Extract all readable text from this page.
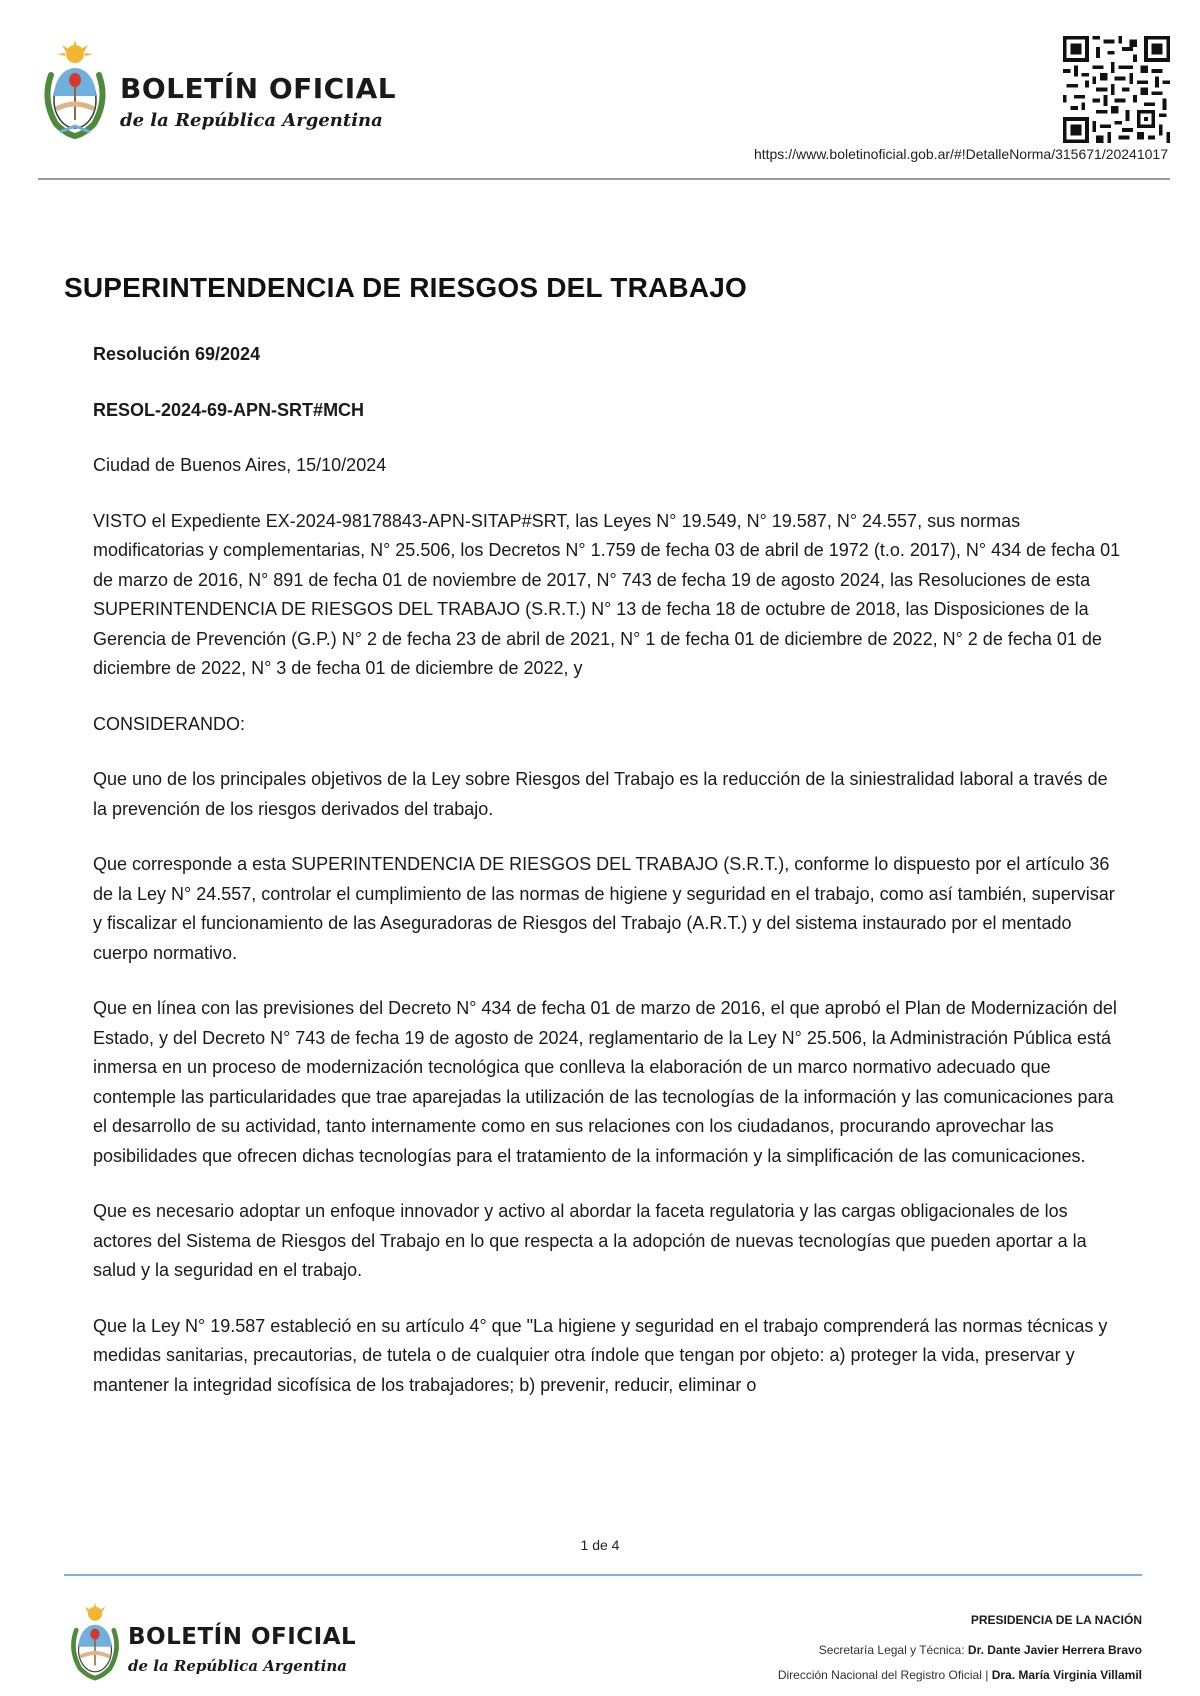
BOLETÍN OFICIAL
de la República Argentina
https://www.boletinoficial.gob.ar/#!DetalleNorma/315671/20241017
SUPERINTENDENCIA DE RIESGOS DEL TRABAJO

Resolución 69/2024

RESOL-2024-69-APN-SRT#MCH

Ciudad de Buenos Aires, 15/10/2024

VISTO el Expediente EX-2024-98178843-APN-SITAP#SRT, las Leyes N° 19.549, N° 19.587, N° 24.557, sus normas modificatorias y complementarias, N° 25.506, los Decretos N° 1.759 de fecha 03 de abril de 1972 (t.o. 2017), N° 434 de fecha 01 de marzo de 2016, N° 891 de fecha 01 de noviembre de 2017, N° 743 de fecha 19 de agosto 2024, las Resoluciones de esta SUPERINTENDENCIA DE RIESGOS DEL TRABAJO (S.R.T.) N° 13 de fecha 18 de octubre de 2018, las Disposiciones de la Gerencia de Prevención (G.P.) N° 2 de fecha 23 de abril de 2021, N° 1 de fecha 01 de diciembre de 2022, N° 2 de fecha 01 de diciembre de 2022, N° 3 de fecha 01 de diciembre de 2022, y

CONSIDERANDO:

Que uno de los principales objetivos de la Ley sobre Riesgos del Trabajo es la reducción de la siniestralidad laboral a través de la prevención de los riesgos derivados del trabajo.

Que corresponde a esta SUPERINTENDENCIA DE RIESGOS DEL TRABAJO (S.R.T.), conforme lo dispuesto por el artículo 36 de la Ley N° 24.557, controlar el cumplimiento de las normas de higiene y seguridad en el trabajo, como así también, supervisar y fiscalizar el funcionamiento de las Aseguradoras de Riesgos del Trabajo (A.R.T.) y del sistema instaurado por el mentado cuerpo normativo.

Que en línea con las previsiones del Decreto N° 434 de fecha 01 de marzo de 2016, el que aprobó el Plan de Modernización del Estado, y del Decreto N° 743 de fecha 19 de agosto de 2024, reglamentario de la Ley N° 25.506, la Administración Pública está inmersa en un proceso de modernización tecnológica que conlleva la elaboración de un marco normativo adecuado que contemple las particularidades que trae aparejadas la utilización de las tecnologías de la información y las comunicaciones para el desarrollo de su actividad, tanto internamente como en sus relaciones con los ciudadanos, procurando aprovechar las posibilidades que ofrecen dichas tecnologías para el tratamiento de la información y la simplificación de las comunicaciones.

Que es necesario adoptar un enfoque innovador y activo al abordar la faceta regulatoria y las cargas obligacionales de los actores del Sistema de Riesgos del Trabajo en lo que respecta a la adopción de nuevas tecnologías que pueden aportar a la salud y la seguridad en el trabajo.

Que la Ley N° 19.587 estableció en su artículo 4° que "La higiene y seguridad en el trabajo comprenderá las normas técnicas y medidas sanitarias, precautorias, de tutela o de cualquier otra índole que tengan por objeto: a) proteger la vida, preservar y mantener la integridad sicofísica de los trabajadores; b) prevenir, reducir, eliminar o

1 de 4
BOLETÍN OFICIAL
de la República Argentina
PRESIDENCIA DE LA NACIÓN
Secretaría Legal y Técnica: Dr. Dante Javier Herrera Bravo
Dirección Nacional del Registro Oficial | Dra. María Virginia Villamil
